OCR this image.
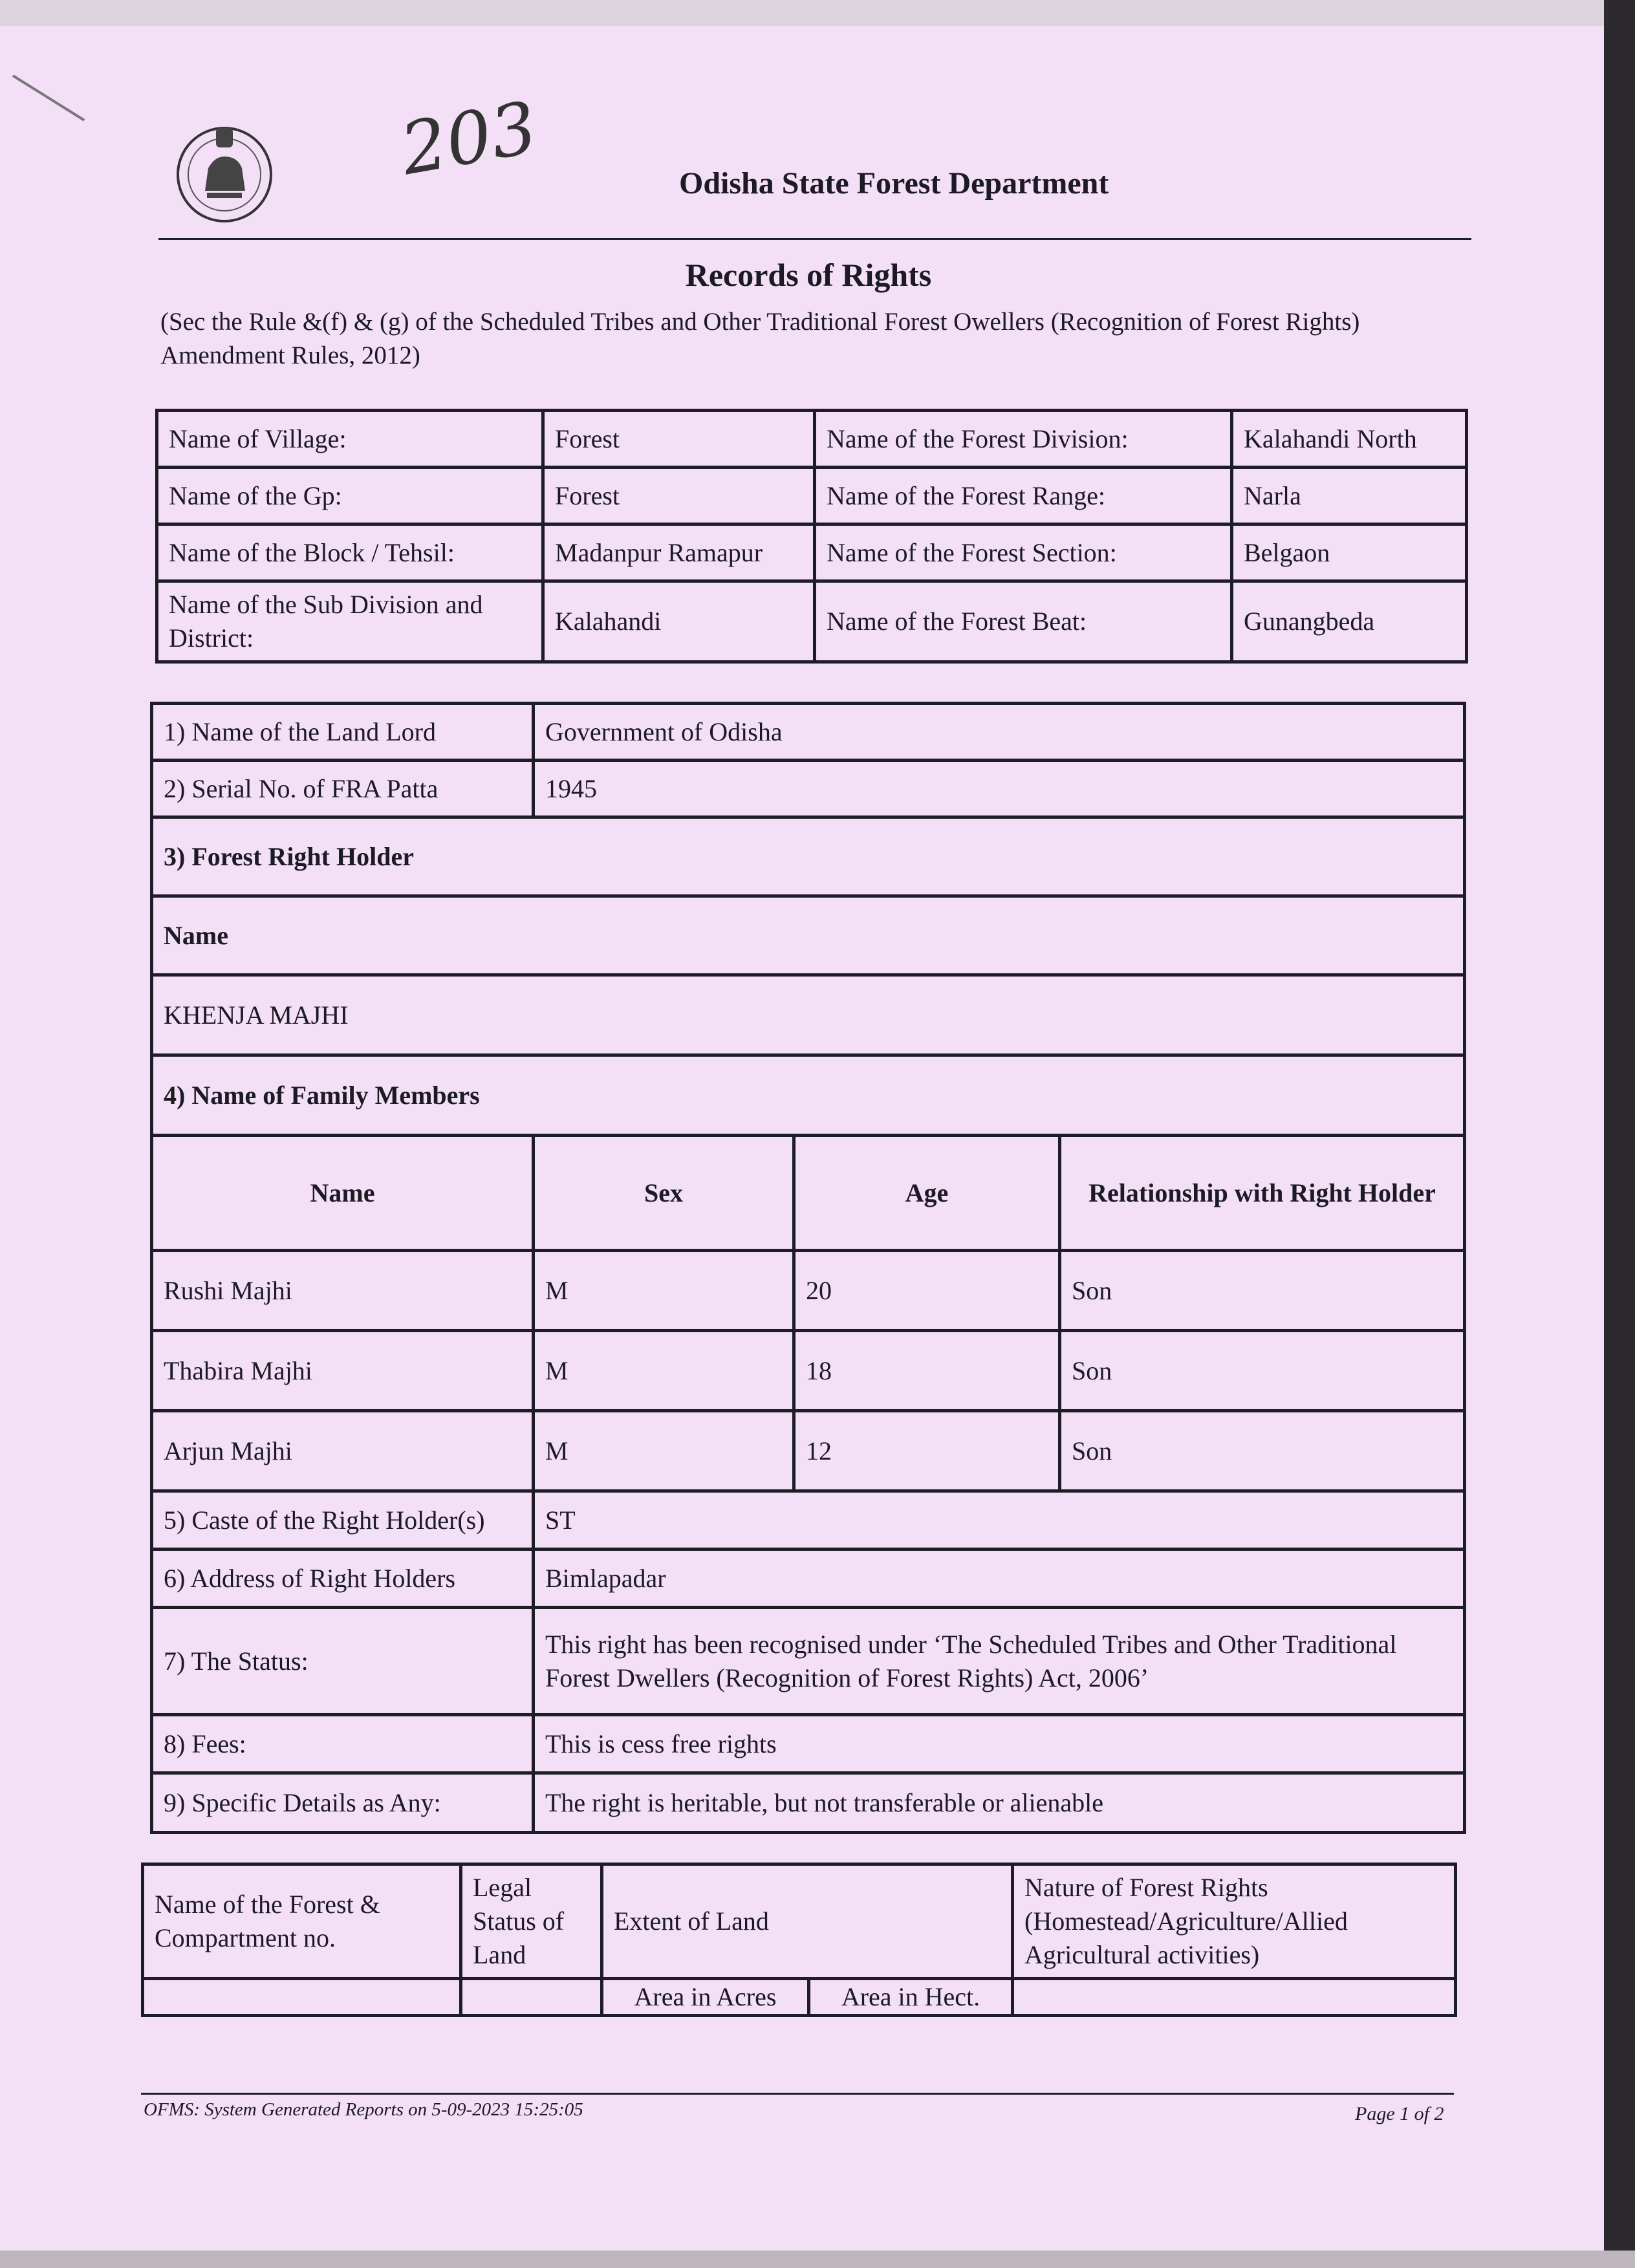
203	Odisha State Forest Department
Records of Rights
(Sec the Rule &(f) & (g) of the Scheduled Tribes and Other Traditional Forest Owellers (Recognition of Forest Rights) Amendment Rules, 2012)
Name of Village:	Forest	Name of the Forest Division:	Kalahandi North
Name of the Gp:	Forest	Name of the Forest Range:	Narla
Name of the Block / Tehsil:	Madanpur Ramapur	Name of the Forest Section:	Belgaon
Name of the Sub Division and District:	Kalahandi	Name of the Forest Beat:	Gunangbeda
1) Name of the Land Lord	Government of Odisha		
2) Serial No. of FRA Patta	1945		
3) Forest Right Holder			
Name			
KHENJA MAJHI			
4) Name of Family Members			
Name	Sex	Age	Relationship with Right Holder
Rushi Majhi	M	20	Son
Thabira Majhi	M	18	Son
Arjun Majhi	M	12	Son
5) Caste of the Right Holder(s)	ST		
6) Address of Right Holders	Bimlapadar		
7) The Status:	This right has been recognised under ‘The Scheduled Tribes and Other Traditional Forest Dwellers (Recognition of Forest Rights) Act, 2006’		
8) Fees:	This is cess free rights		
9) Specific Details as Any:	The right is heritable, but not transferable or alienable		
Name of the Forest & Compartment no.	Legal Status of Land	Extent of Land		Nature of Forest Rights (Homestead/Agriculture/Allied Agricultural activities)
		Area in Acres	Area in Hect.	
OFMS: System Generated Reports on 5-09-2023 15:25:05	Page 1 of 2
